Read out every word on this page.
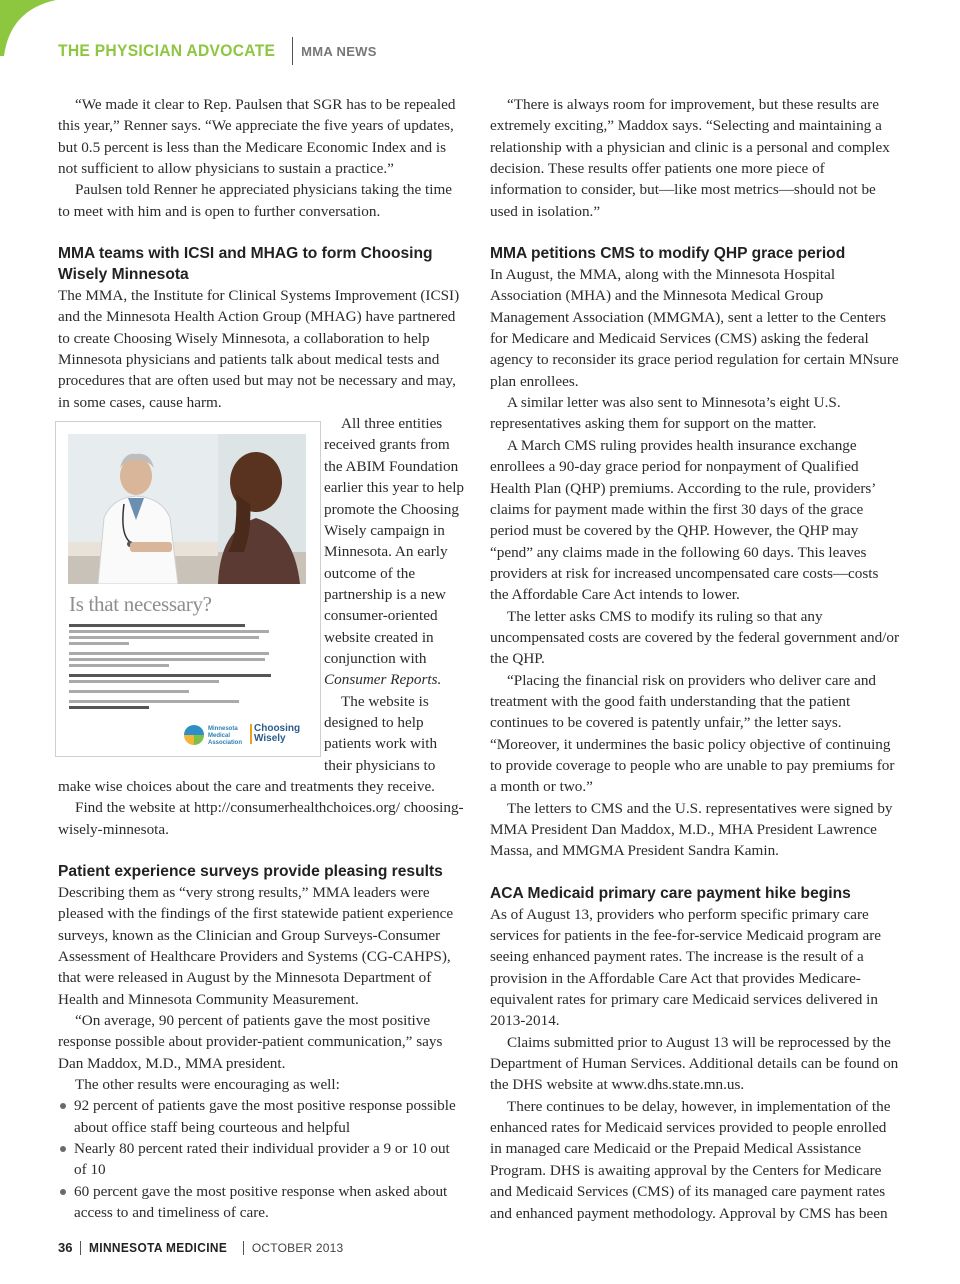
THE PHYSICIAN ADVOCATE MMA NEWS

“We made it clear to Rep. Paulsen that SGR has to be repealed this year,” Renner says. “We appreciate the five years of updates, but 0.5 percent is less than the Medicare Economic Index and is not sufficient to allow physicians to sustain a practice.”

Paulsen told Renner he appreciated physicians taking the time to meet with him and is open to further conversation.

MMA teams with ICSI and MHAG to form Choosing Wisely Minnesota

The MMA, the Institute for Clinical Systems Improvement (ICSI) and the Minnesota Health Action Group (MHAG) have partnered to create Choosing Wisely Minnesota, a collaboration to help Minnesota physicians and patients talk about medical tests and procedures that are often used but may not be necessary and may, in some cases, cause harm.

Is that necessary?
Minnesota Medical Association
Choosing Wisely

All three entities received grants from the ABIM Foundation earlier this year to help promote the Choosing Wisely campaign in Minnesota. An early outcome of the partnership is a new consumer-oriented website created in conjunction with Consumer Reports.

The website is designed to help patients work with their physicians to make wise choices about the care and treatments they receive.

Find the website at http://consumerhealthchoices.org/ choosing-wisely-minnesota.

Patient experience surveys provide pleasing results

Describing them as “very strong results,” MMA leaders were pleased with the findings of the first statewide patient experience surveys, known as the Clinician and Group Surveys-Consumer Assessment of Healthcare Providers and Systems (CG-CAHPS), that were released in August by the Minnesota Department of Health and Minnesota Community Measurement.

“On average, 90 percent of patients gave the most positive response possible about provider-patient communication,” says Dan Maddox, M.D., MMA president.

The other results were encouraging as well:

92 percent of patients gave the most positive response possible about office staff being courteous and helpful
Nearly 80 percent rated their individual provider a 9 or 10 out of 10
60 percent gave the most positive response when asked about access to and timeliness of care.

“There is always room for improvement, but these results are extremely exciting,” Maddox says. “Selecting and maintaining a relationship with a physician and clinic is a personal and complex decision. These results offer patients one more piece of information to consider, but—like most metrics—should not be used in isolation.”

MMA petitions CMS to modify QHP grace period

In August, the MMA, along with the Minnesota Hospital Association (MHA) and the Minnesota Medical Group Management Association (MMGMA), sent a letter to the Centers for Medicare and Medicaid Services (CMS) asking the federal agency to reconsider its grace period regulation for certain MNsure plan enrollees.

A similar letter was also sent to Minnesota’s eight U.S. representatives asking them for support on the matter.

A March CMS ruling provides health insurance exchange enrollees a 90-day grace period for nonpayment of Qualified Health Plan (QHP) premiums. According to the rule, providers’ claims for payment made within the first 30 days of the grace period must be covered by the QHP. However, the QHP may “pend” any claims made in the following 60 days. This leaves providers at risk for increased uncompensated care costs—costs the Affordable Care Act intends to lower.

The letter asks CMS to modify its ruling so that any uncompensated costs are covered by the federal government and/or the QHP.

“Placing the financial risk on providers who deliver care and treatment with the good faith understanding that the patient continues to be covered is patently unfair,” the letter says. “Moreover, it undermines the basic policy objective of continuing to provide coverage to people who are unable to pay premiums for a month or two.”

The letters to CMS and the U.S. representatives were signed by MMA President Dan Maddox, M.D., MHA President Lawrence Massa, and MMGMA President Sandra Kamin.

ACA Medicaid primary care payment hike begins

As of August 13, providers who perform specific primary care services for patients in the fee-for-service Medicaid program are seeing enhanced payment rates. The increase is the result of a provision in the Affordable Care Act that provides Medicare-equivalent rates for primary care Medicaid services delivered in 2013-2014.

Claims submitted prior to August 13 will be reprocessed by the Department of Human Services. Additional details can be found on the DHS website at www.dhs.state.mn.us.

There continues to be delay, however, in implementation of the enhanced rates for Medicaid services provided to people enrolled in managed care Medicaid or the Prepaid Medical Assistance Program. DHS is awaiting approval by the Centers for Medicare and Medicaid Services (CMS) of its managed care payment rates and enhanced payment methodology. Approval by CMS has been

36 MINNESOTA MEDICINE OCTOBER 2013
